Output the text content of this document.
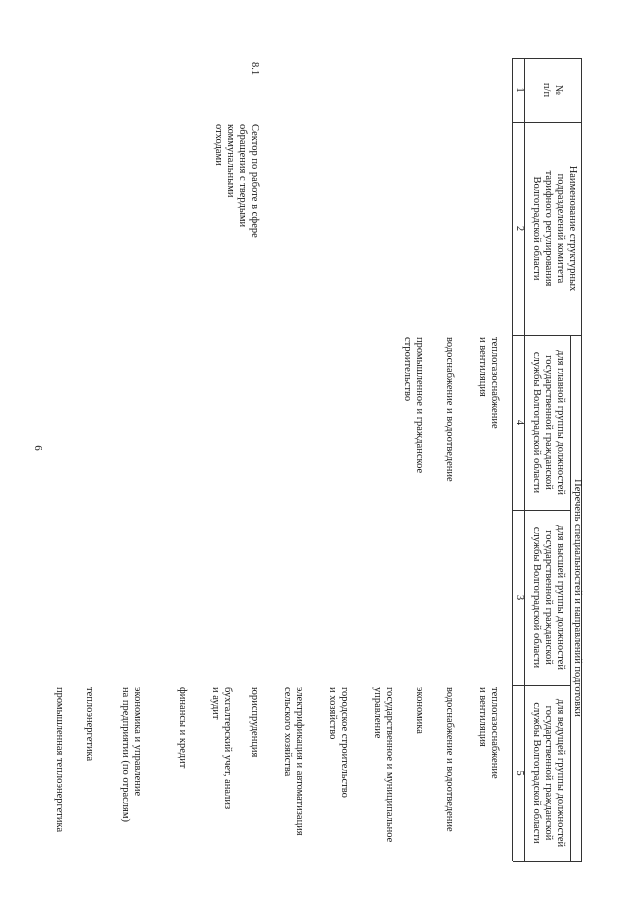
6
№
п/п
Наименование структурных
подразделений комитета
тарифного регулирования
Волгоградской области
Перечень специальностей и направлений подготовки
для высшей группы должностей
государственной гражданской
службы Волгоградской области
для главной группы должностей
государственной гражданской
службы Волгоградской области
для ведущей группы должностей
государственной гражданской
службы Волгоградской области
1
2
3
4
5
8.1
Сектор по работе в сфере
обращения с твердыми
коммунальными
отходами
теплогазоснабжение
и вентиляция
водоснабжение и водоотведение
промышленное и гражданское
строительство
теплогазоснабжение
и вентиляция
водоснабжение и водоотведение
экономика
государственное и муниципальное
управление
городское строительство
и хозяйство
электрификация и автоматизация
сельского хозяйства
юриспруденция
бухгалтерский учет, анализ
и аудит
финансы и кредит
экономика и управление
на предприятии (по отраслям)
теплоэнергетика
промышленная теплоэнергетика
